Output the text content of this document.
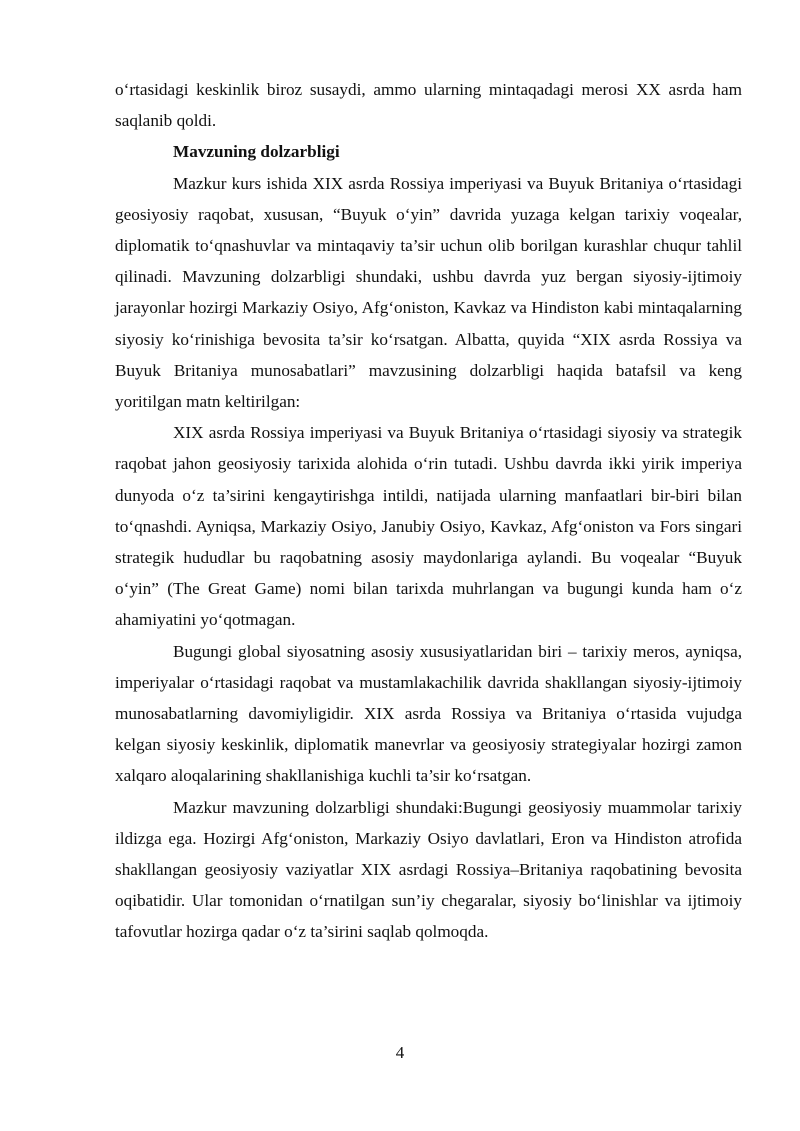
o‘rtasidagi keskinlik biroz susaydi, ammo ularning mintaqadagi merosi XX asrda ham saqlanib qoldi.

Mavzuning dolzarbligi

Mazkur kurs ishida XIX asrda Rossiya imperiyasi va Buyuk Britaniya o‘rtasidagi geosiyosiy raqobat, xususan, “Buyuk o‘yin” davrida yuzaga kelgan tarixiy voqealar, diplomatik to‘qnashuvlar va mintaqaviy ta’sir uchun olib borilgan kurashlar chuqur tahlil qilinadi. Mavzuning dolzarbligi shundaki, ushbu davrda yuz bergan siyosiy-ijtimoiy jarayonlar hozirgi Markaziy Osiyo, Afg‘oniston, Kavkaz va Hindiston kabi mintaqalarning siyosiy ko‘rinishiga bevosita ta’sir ko‘rsatgan. Albatta, quyida “XIX asrda Rossiya va Buyuk Britaniya munosabatlari” mavzusining dolzarbligi haqida batafsil va keng yoritilgan matn keltirilgan:

XIX asrda Rossiya imperiyasi va Buyuk Britaniya o‘rtasidagi siyosiy va strategik raqobat jahon geosiyosiy tarixida alohida o‘rin tutadi. Ushbu davrda ikki yirik imperiya dunyoda o‘z ta’sirini kengaytirishga intildi, natijada ularning manfaatlari bir-biri bilan to‘qnashdi. Ayniqsa, Markaziy Osiyo, Janubiy Osiyo, Kavkaz, Afg‘oniston va Fors singari strategik hududlar bu raqobatning asosiy maydonlariga aylandi. Bu voqealar “Buyuk o‘yin” (The Great Game) nomi bilan tarixda muhrlangan va bugungi kunda ham o‘z ahamiyatini yo‘qotmagan.

Bugungi global siyosatning asosiy xususiyatlaridan biri – tarixiy meros, ayniqsa, imperiyalar o‘rtasidagi raqobat va mustamlakachilik davrida shakllangan siyosiy-ijtimoiy munosabatlarning davomiyligidir. XIX asrda Rossiya va Britaniya o‘rtasida vujudga kelgan siyosiy keskinlik, diplomatik manevrlar va geosiyosiy strategiyalar hozirgi zamon xalqaro aloqalarining shakllanishiga kuchli ta’sir ko‘rsatgan.

Mazkur mavzuning dolzarbligi shundaki:Bugungi geosiyosiy muammolar tarixiy ildizga ega. Hozirgi Afg‘oniston, Markaziy Osiyo davlatlari, Eron va Hindiston atrofida shakllangan geosiyosiy vaziyatlar XIX asrdagi Rossiya–Britaniya raqobatining bevosita oqibatidir. Ular tomonidan o‘rnatilgan sun’iy chegaralar, siyosiy bo‘linishlar va ijtimoiy tafovutlar hozirga qadar o‘z ta’sirini saqlab qolmoqda.

4
